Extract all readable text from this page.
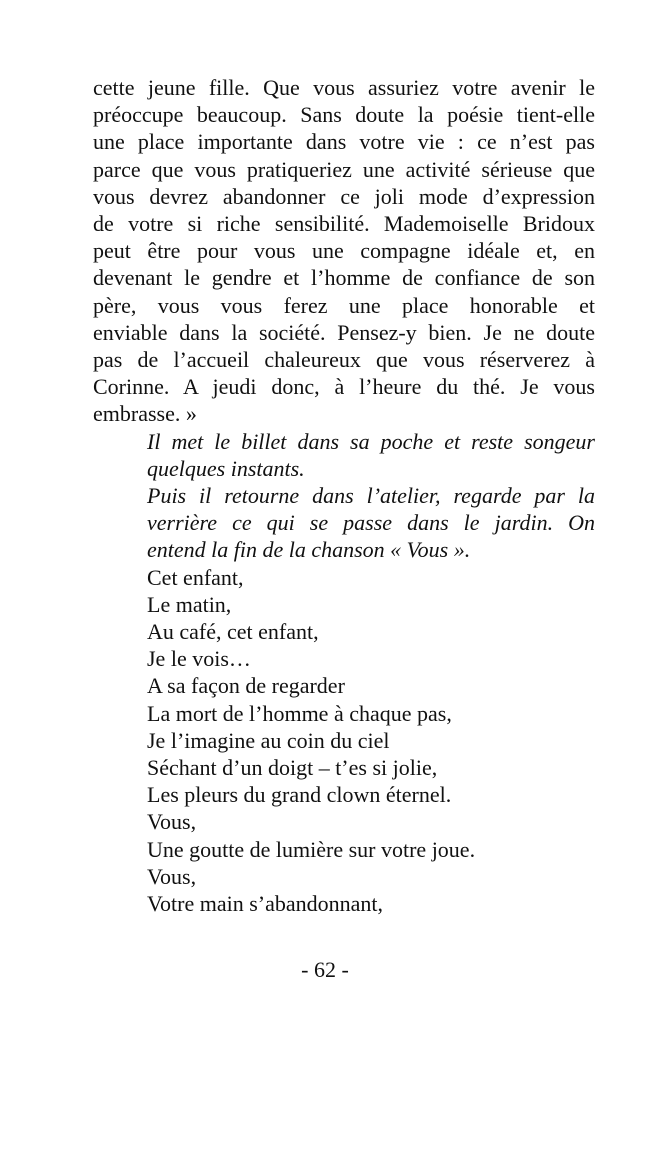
cette jeune fille. Que vous assuriez votre avenir le
préoccupe beaucoup. Sans doute la poésie tient-elle
une place importante dans votre vie : ce n’est pas
parce que vous pratiqueriez une activité sérieuse que
vous devrez abandonner ce joli mode d’expression
de votre si riche sensibilité. Mademoiselle Bridoux
peut être pour vous une compagne idéale et, en
devenant le gendre et l’homme de confiance de son
père, vous vous ferez une place honorable et
enviable dans la société. Pensez-y bien. Je ne doute
pas de l’accueil chaleureux que vous réserverez à
Corinne. A jeudi donc, à l’heure du thé. Je vous
embrasse. »
Il met le billet dans sa poche et reste songeur
quelques instants.
Puis il retourne dans l’atelier, regarde par la
verrière ce qui se passe dans le jardin. On
entend la fin de la chanson « Vous ».
Cet enfant,
Le matin,
Au café, cet enfant,
Je le vois…
A sa façon de regarder
La mort de l’homme à chaque pas,
Je l’imagine au coin du ciel
Séchant d’un doigt – t’es si jolie,
Les pleurs du grand clown éternel.
Vous,
Une goutte de lumière sur votre joue.
Vous,
Votre main s’abandonnant,
- 62 -
